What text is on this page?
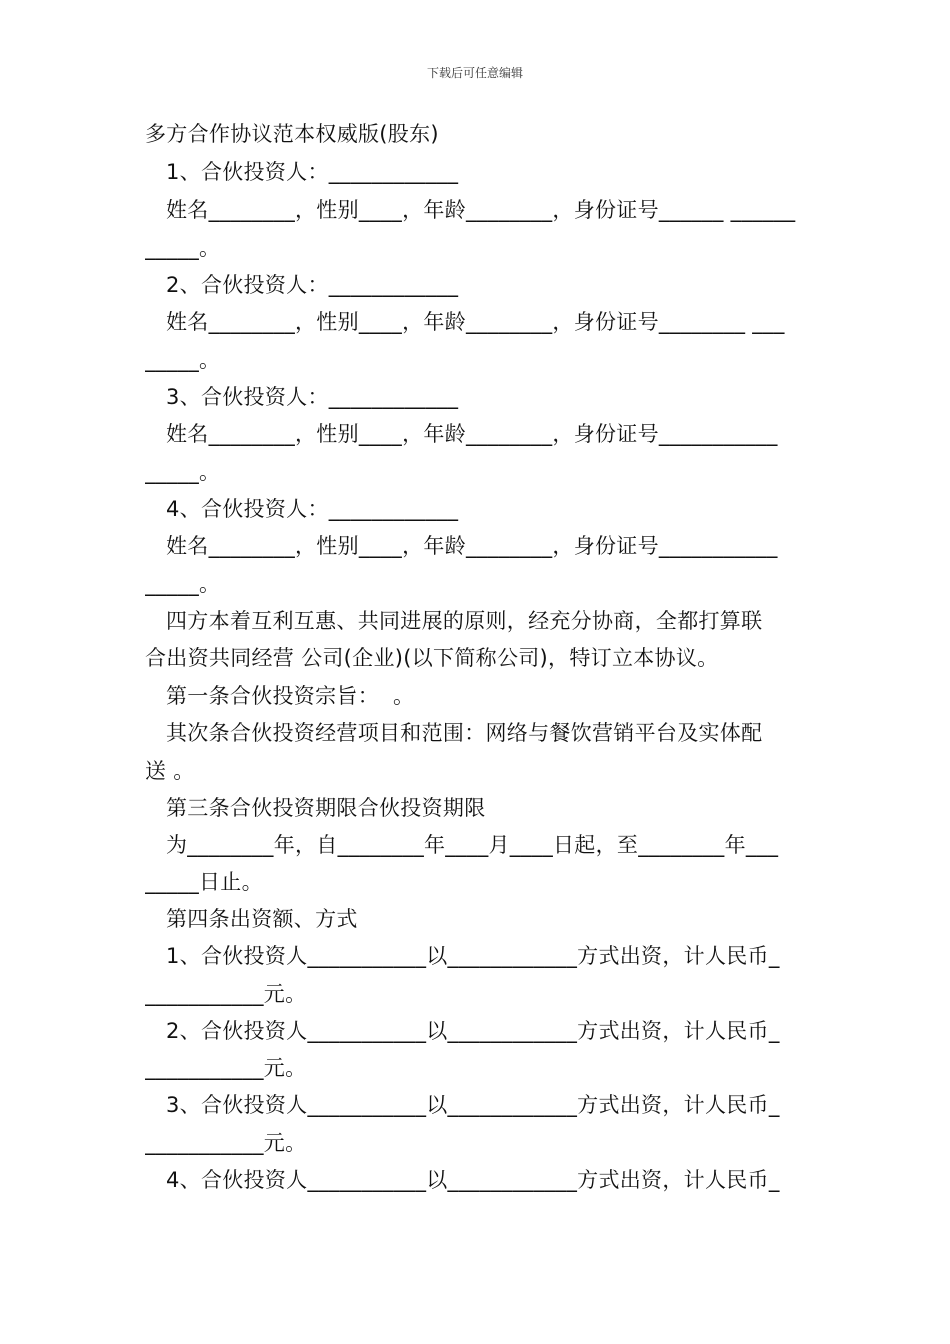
下载后可任意编辑
多方合作协议范本权威版(股东)
1、合伙投资人：____________
姓名________，性别____，年龄________，身份证号______ ______
_____。
2、合伙投资人：____________
姓名________，性别____，年龄________，身份证号________ ___
_____。
3、合伙投资人：____________
姓名________，性别____，年龄________，身份证号___________
_____。
4、合伙投资人：____________
姓名________，性别____，年龄________，身份证号___________
_____。
四方本着互利互惠、共同进展的原则，经充分协商，全都打算联
合出资共同经营 公司(企业)(以下简称公司)，特订立本协议。
第一条合伙投资宗旨：  。
其次条合伙投资经营项目和范围：网络与餐饮营销平台及实体配
送 。
第三条合伙投资期限合伙投资期限
为________年，自________年____月____日起，至________年___
_____日止。
第四条出资额、方式
1、合伙投资人___________以____________方式出资，计人民币_
___________元。
2、合伙投资人___________以____________方式出资，计人民币_
___________元。
3、合伙投资人___________以____________方式出资，计人民币_
___________元。
4、合伙投资人___________以____________方式出资，计人民币_
